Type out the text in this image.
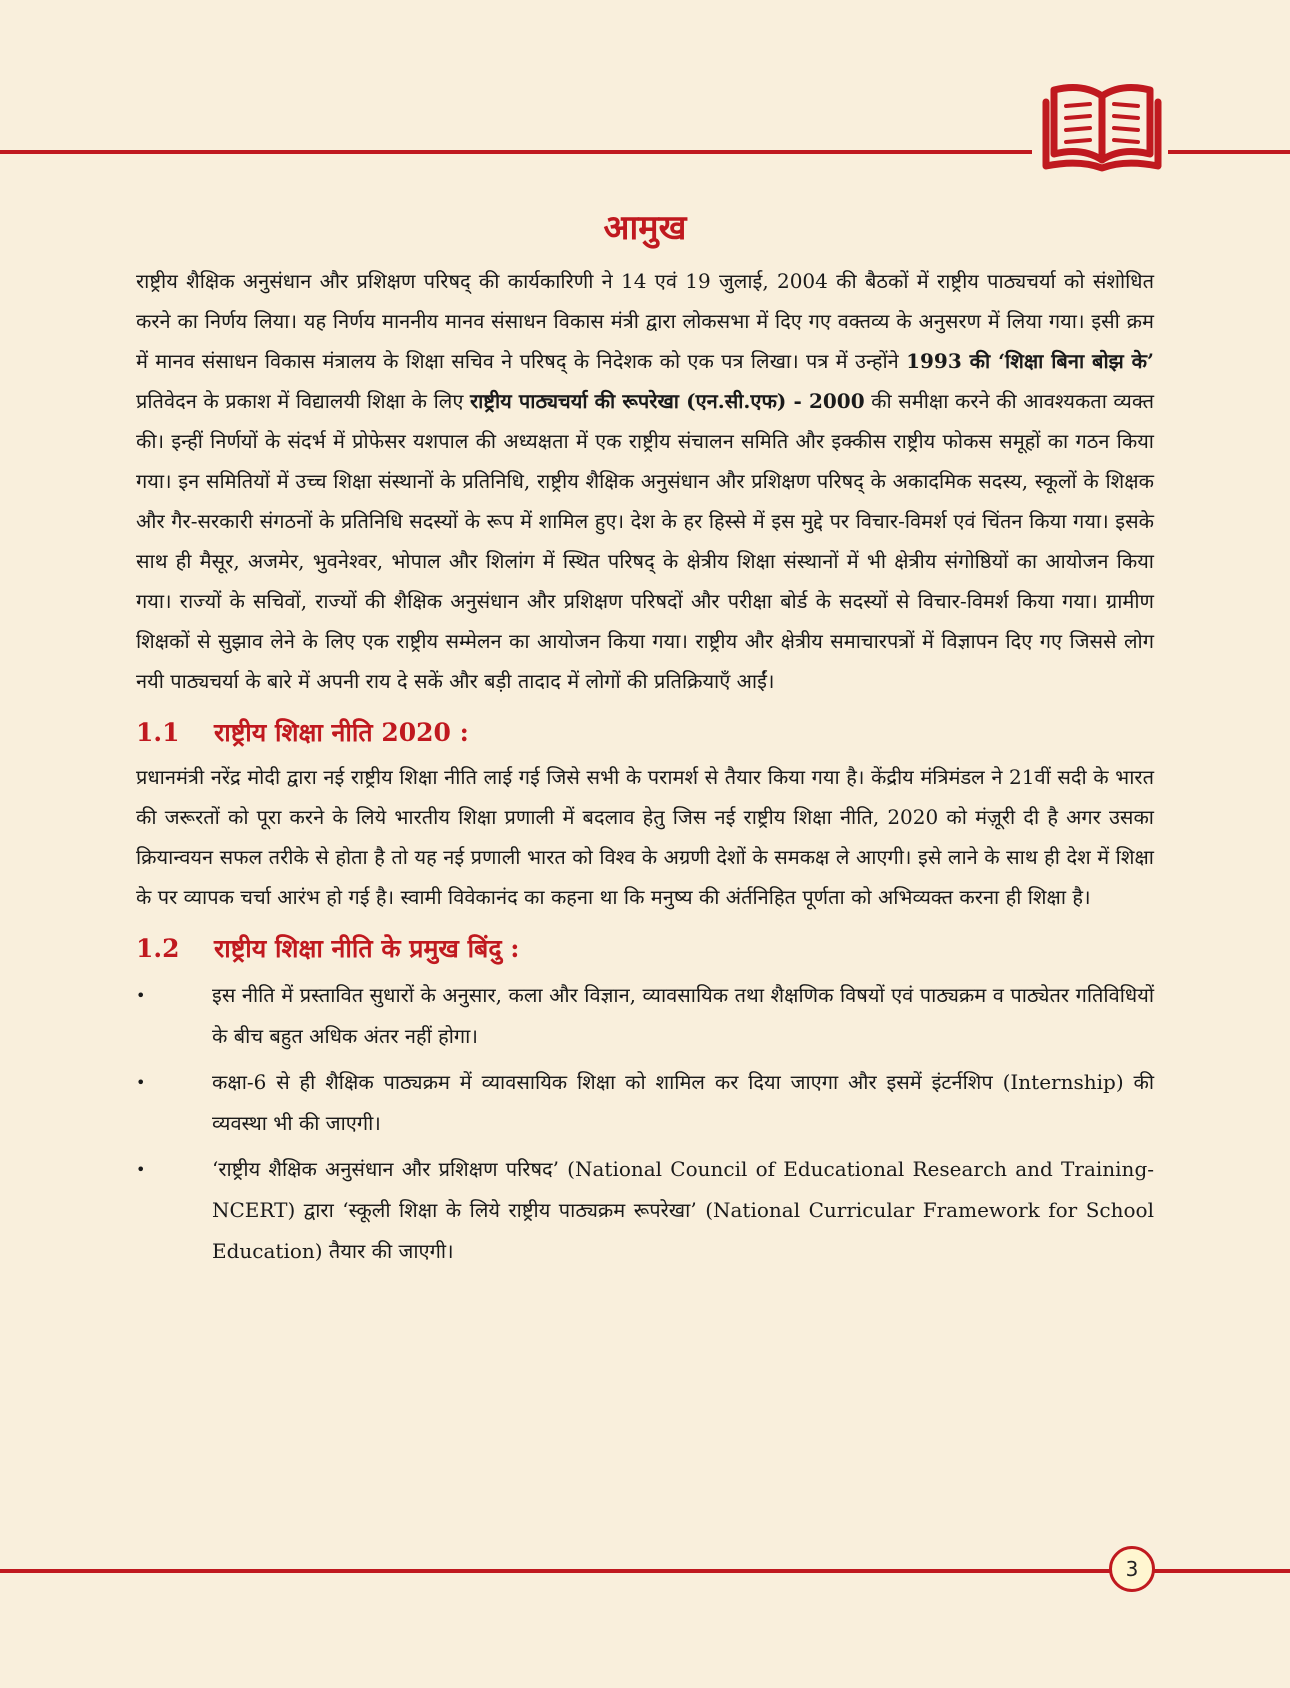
आमुख

राष्ट्रीय शैक्षिक अनुसंधान और प्रशिक्षण परिषद् की कार्यकारिणी ने 14 एवं 19 जुलाई, 2004 की बैठकों में राष्ट्रीय पाठ्यचर्या को संशोधित करने का निर्णय लिया। यह निर्णय माननीय मानव संसाधन विकास मंत्री द्वारा लोकसभा में दिए गए वक्तव्य के अनुसरण में लिया गया। इसी क्रम में मानव संसाधन विकास मंत्रालय के शिक्षा सचिव ने परिषद् के निदेशक को एक पत्र लिखा। पत्र में उन्होंने 1993 की ‘शिक्षा बिना बोझ के’ प्रतिवेदन के प्रकाश में विद्यालयी शिक्षा के लिए राष्ट्रीय पाठ्यचर्या की रूपरेखा (एन.सी.एफ) - 2000 की समीक्षा करने की आवश्यकता व्यक्त की। इन्हीं निर्णयों के संदर्भ में प्रोफेसर यशपाल की अध्यक्षता में एक राष्ट्रीय संचालन समिति और इक्कीस राष्ट्रीय फोकस समूहों का गठन किया गया। इन समितियों में उच्च शिक्षा संस्थानों के प्रतिनिधि, राष्ट्रीय शैक्षिक अनुसंधान और प्रशिक्षण परिषद् के अकादमिक सदस्य, स्कूलों के शिक्षक और गैर-सरकारी संगठनों के प्रतिनिधि सदस्यों के रूप में शामिल हुए। देश के हर हिस्से में इस मुद्दे पर विचार-विमर्श एवं चिंतन किया गया। इसके साथ ही मैसूर, अजमेर, भुवनेश्वर, भोपाल और शिलांग में स्थित परिषद् के क्षेत्रीय शिक्षा संस्थानों में भी क्षेत्रीय संगोष्ठियों का आयोजन किया गया। राज्यों के सचिवों, राज्यों की शैक्षिक अनुसंधान और प्रशिक्षण परिषदों और परीक्षा बोर्ड के सदस्यों से विचार-विमर्श किया गया। ग्रामीण शिक्षकों से सुझाव लेने के लिए एक राष्ट्रीय सम्मेलन का आयोजन किया गया। राष्ट्रीय और क्षेत्रीय समाचारपत्रों में विज्ञापन दिए गए जिससे लोग नयी पाठ्यचर्या के बारे में अपनी राय दे सकें और बड़ी तादाद में लोगों की प्रतिक्रियाएँ आईं।

1.1	राष्ट्रीय शिक्षा नीति 2020 :

प्रधानमंत्री नरेंद्र मोदी द्वारा नई राष्ट्रीय शिक्षा नीति लाई गई जिसे सभी के परामर्श से तैयार किया गया है। केंद्रीय मंत्रिमंडल ने 21वीं सदी के भारत की जरूरतों को पूरा करने के लिये भारतीय शिक्षा प्रणाली में बदलाव हेतु जिस नई राष्ट्रीय शिक्षा नीति, 2020 को मंज़ूरी दी है अगर उसका क्रियान्वयन सफल तरीके से होता है तो यह नई प्रणाली भारत को विश्व के अग्रणी देशों के समकक्ष ले आएगी। इसे लाने के साथ ही देश में शिक्षा के पर व्यापक चर्चा आरंभ हो गई है। स्वामी विवेकानंद का कहना था कि मनुष्य की अंर्तनिहित पूर्णता को अभिव्यक्त करना ही शिक्षा है।

1.2	राष्ट्रीय शिक्षा नीति के प्रमुख बिंदु :
•	इस नीति में प्रस्तावित सुधारों के अनुसार, कला और विज्ञान, व्यावसायिक तथा शैक्षणिक विषयों एवं पाठ्यक्रम व पाठ्येतर गतिविधियों के बीच बहुत अधिक अंतर नहीं होगा।
•	कक्षा-6 से ही शैक्षिक पाठ्यक्रम में व्यावसायिक शिक्षा को शामिल कर दिया जाएगा और इसमें इंटर्नशिप (Internship) की व्यवस्था भी की जाएगी।
•	‘राष्ट्रीय शैक्षिक अनुसंधान और प्रशिक्षण परिषद’ (National Council of Educational Research and Training- NCERT) द्वारा ‘स्कूली शिक्षा के लिये राष्ट्रीय पाठ्यक्रम रूपरेखा’ (National Curricular Framework for School Education) तैयार की जाएगी।
3
